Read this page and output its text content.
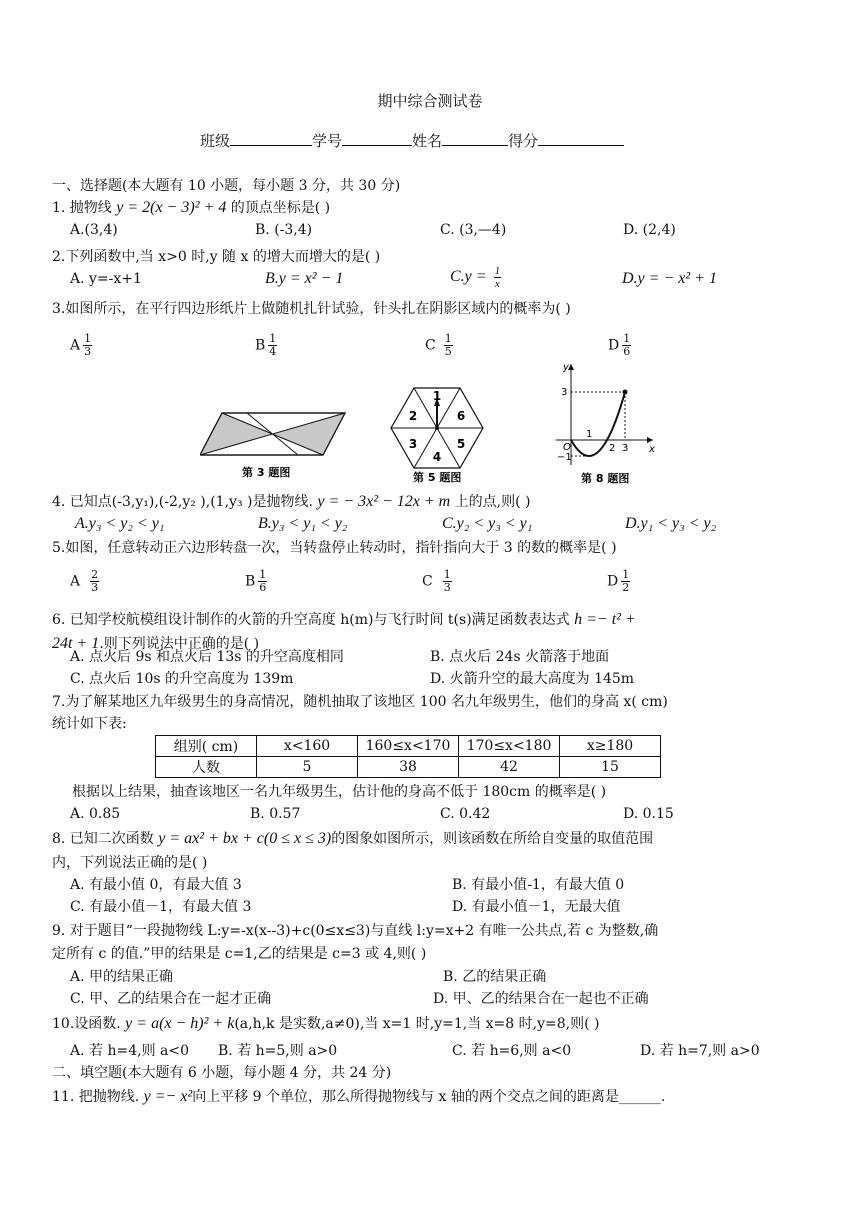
期中综合测试卷
班级	学号	姓名	得分
一、选择题(本大题有 10 小题，每小题 3 分，共 30 分)
1. 抛物线 y = 2(x − 3)² + 4 的顶点坐标是( )
A.(3,4)	B. (-3,4)	C. (3,—4)	D. (2,4)
2.下列函数中,当 x>0 时,y 随 x 的增大而增大的是( )
A. y=-x+1	B.y = x² − 1	$C.y = \frac{1}{x}$	D.y = − x² + 1
3.如图所示，在平行四边形纸片上做随机扎针试验，针头扎在阴影区域内的概率为( )
A $\frac{1}{3}$	B $\frac{1}{4}$	C $\frac{1}{5}$	D $\frac{1}{6}$
第 3 题图
2
1
6
3
4
5
第 5 题图
y
x
3
O
1
2 3
−1
第 8 题图
4. 已知点(-3,y₁),(-2,y₂ ),(1,y₃ )是抛物线. y = − 3x² − 12x + m 上的点,则( )
A.y₃ < y₂ < y₁	B.y₃ < y₁ < y₂	C.y₂ < y₃ < y₁	D.y₁ < y₃ < y₂
5.如图，任意转动正六边形转盘一次，当转盘停止转动时，指针指向大于 3 的数的概率是( )
A $\frac{2}{3}$	B $\frac{1}{6}$	C $\frac{1}{3}$	D $\frac{1}{2}$
6. 已知学校航模组设计制作的火箭的升空高度 h(m)与飞行时间 t(s)满足函数表达式 h =− t² +
24t + 1.则下列说法中正确的是( )
A. 点火后 9s 和点火后 13s 的升空高度相同	B. 点火后 24s 火箭落于地面
C. 点火后 10s 的升空高度为 139m	D. 火箭升空的最大高度为 145m
7.为了解某地区九年级男生的身高情况，随机抽取了该地区 100 名九年级男生，他们的身高 x( cm)
统计如下表:
组别( cm)	x<160	160≤x<170	170≤x<180	x≥180
人数	5	38	42	15
根据以上结果，抽查该地区一名九年级男生，估计他的身高不低于 180cm 的概率是( )
A. 0.85	B. 0.57	C. 0.42	D. 0.15
8. 已知二次函数 y = ax² + bx + c(0 ≤ x ≤ 3)的图象如图所示，则该函数在所给自变量的取值范围
内，下列说法正确的是( )
A. 有最小值 0，有最大值 3	B. 有最小值-1，有最大值 0
C. 有最小值－1，有最大值 3	D. 有最小值－1，无最大值
9. 对于题目“一段抛物线 L:y=-x(x--3)+c(0≤x≤3)与直线 l:y=x+2 有唯一公共点,若 c 为整数,确
定所有 c 的值.”甲的结果是 c=1,乙的结果是 c=3 或 4,则( )
A. 甲的结果正确	B. 乙的结果正确
C. 甲、乙的结果合在一起才正确	D. 甲、乙的结果合在一起也不正确
10.设函数. y = a(x − h)² + k(a,h,k 是实数,a≠0),当 x=1 时,y=1,当 x=8 时,y=8,则( )
A. 若 h=4,则 a<0 B. 若 h=5,则 a>0	C. 若 h=6,则 a<0	D. 若 h=7,则 a>0
二、填空题(本大题有 6 小题，每小题 4 分，共 24 分)
11. 把抛物线. y =− x²向上平移 9 个单位，那么所得抛物线与 x 轴的两个交点之间的距离是______.
